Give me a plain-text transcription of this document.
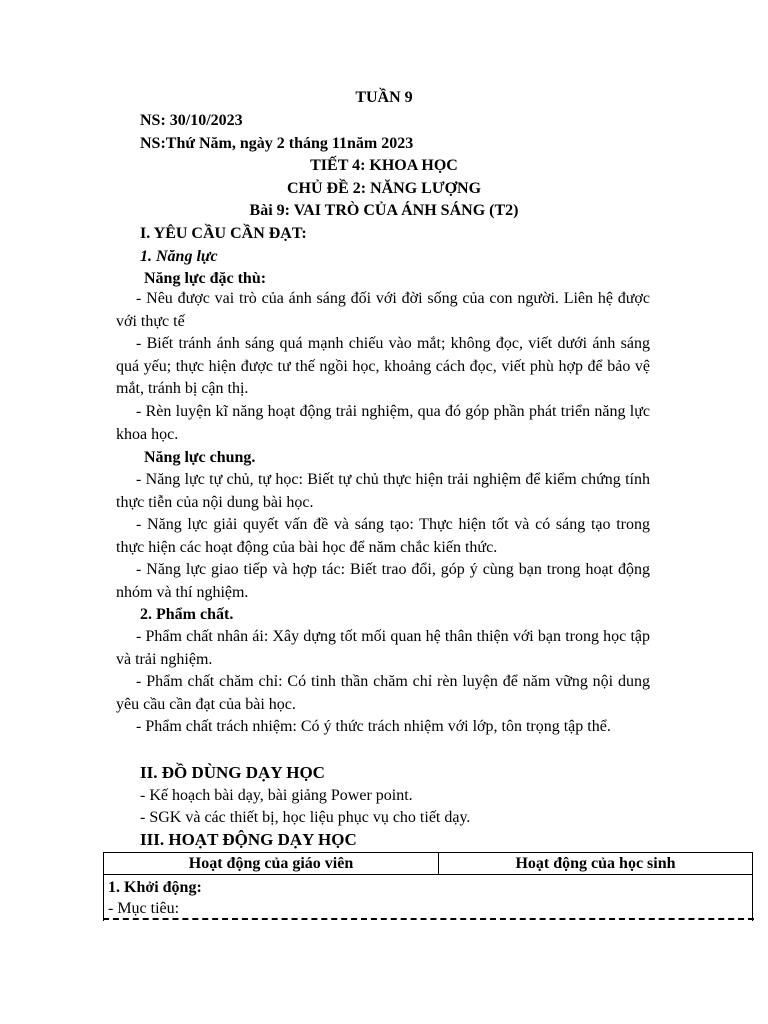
TUẦN 9
NS: 30/10/2023
NS:Thứ Năm, ngày 2 tháng 11năm 2023
TIẾT 4: KHOA HỌC
CHỦ ĐỀ 2: NĂNG LƯỢNG
Bài 9: VAI TRÒ CỦA ÁNH SÁNG (T2)
I. YÊU CẦU CẦN ĐẠT:
1. Năng lực
Năng lực đặc thù:

- Nêu được vai trò của ánh sáng đối với đời sống của con người. Liên hệ được với thực tế

- Biết tránh ánh sáng quá mạnh chiếu vào mắt; không đọc, viết dưới ánh sáng quá yếu; thực hiện được tư thế ngồi học, khoảng cách đọc, viết phù hợp để bảo vệ mắt, tránh bị cận thị.

- Rèn luyện kĩ năng hoạt động trải nghiệm, qua đó góp phần phát triển năng lực khoa học.

Năng lực chung.

- Năng lực tự chủ, tự học: Biết tự chủ thực hiện trải nghiệm để kiểm chứng tính thực tiễn của nội dung bài học.

- Năng lực giải quyết vấn đề và sáng tạo: Thực hiện tốt và có sáng tạo trong thực hiện các hoạt động của bài học để năm chắc kiến thức.

- Năng lực giao tiếp và hợp tác: Biết trao đổi, góp ý cùng bạn trong hoạt động nhóm và thí nghiệm.

2. Phẩm chất.

- Phẩm chất nhân ái: Xây dựng tốt mối quan hệ thân thiện với bạn trong học tập và trải nghiệm.

- Phẩm chất chăm chỉ: Có tinh thần chăm chỉ rèn luyện để năm vững nội dung yêu cầu cần đạt của bài học.

- Phẩm chất trách nhiệm: Có ý thức trách nhiệm với lớp, tôn trọng tập thể.

II. ĐỒ DÙNG DẠY HỌC
- Kế hoạch bài dạy, bài giảng Power point.
- SGK và các thiết bị, học liệu phục vụ cho tiết dạy.
III. HOẠT ĐỘNG DẠY HỌC
Hoạt động của giáo viên	Hoạt động của học sinh

1. Khởi động:
- Mục tiêu:
